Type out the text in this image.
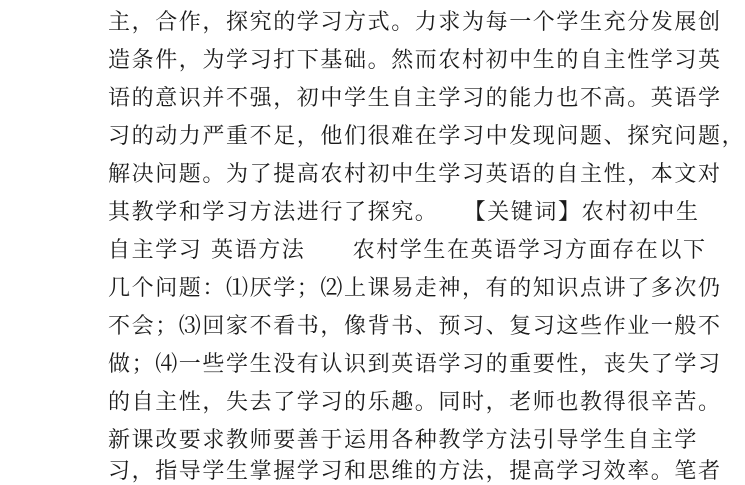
主，合作，探究的学习方式。力求为每一个学生充分发展创
造条件，为学习打下基础。然而农村初中生的自主性学习英
语的意识并不强，初中学生自主学习的能力也不高。英语学
习的动力严重不足，他们很难在学习中发现问题、探究问题，
解决问题。为了提高农村初中生学习英语的自主性，本文对
其教学和学习方法进行了探究。　　【关键词】农村初中生
自主学习 英语方法　　农村学生在英语学习方面存在以下
几个问题：⑴厌学；⑵上课易走神，有的知识点讲了多次仍
不会；⑶回家不看书，像背书、预习、复习这些作业一般不
做；⑷一些学生没有认识到英语学习的重要性，丧失了学习
的自主性，失去了学习的乐趣。同时，老师也教得很辛苦。
新课改要求教师要善于运用各种教学方法引导学生自主学
习，指导学生掌握学习和思维的方法，提高学习效率。笔者
